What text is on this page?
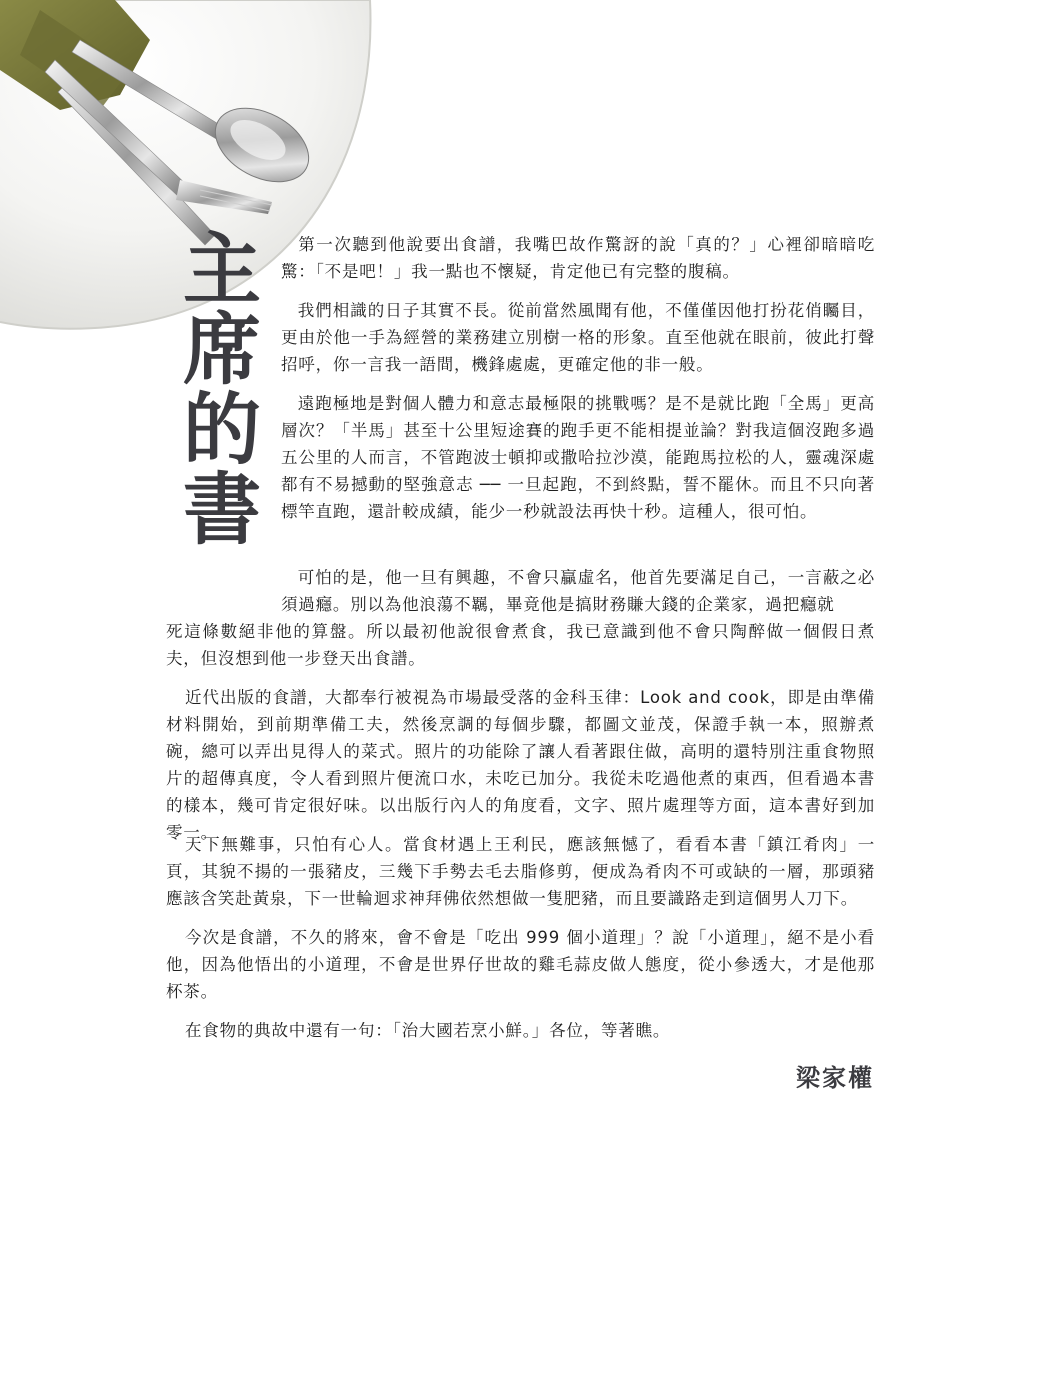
主席的書	第一次聽到他說要出食譜，我嘴巴故作驚訝的說「真的？」心裡卻暗暗吃驚：「不是吧！」我一點也不懷疑，肯定他已有完整的腹稿。

我們相識的日子其實不長。從前當然風聞有他，不僅僅因他打扮花俏矚目，更由於他一手為經營的業務建立別樹一格的形象。直至他就在眼前，彼此打聲招呼，你一言我一語間，機鋒處處，更確定他的非一般。

遠跑極地是對個人體力和意志最極限的挑戰嗎？是不是就比跑「全馬」更高層次？「半馬」甚至十公里短途賽的跑手更不能相提並論？對我這個沒跑多過五公里的人而言，不管跑波士頓抑或撒哈拉沙漠，能跑馬拉松的人，靈魂深處都有不易撼動的堅強意志 ── 一旦起跑，不到終點，誓不罷休。而且不只向著標竿直跑，還計較成績，能少一秒就設法再快十秒。這種人，很可怕。

可怕的是，他一旦有興趣，不會只贏虛名，他首先要滿足自己，一言蔽之必須過癮。別以為他浪蕩不羈，畢竟他是搞財務賺大錢的企業家，過把癮就

死這條數絕非他的算盤。所以最初他說很會煮食，我已意識到他不會只陶醉做一個假日煮夫，但沒想到他一步登天出食譜。

近代出版的食譜，大都奉行被視為市場最受落的金科玉律：Look and cook，即是由準備材料開始，到前期準備工夫，然後烹調的每個步驟，都圖文並茂，保證手執一本，照辦煮碗，總可以弄出見得人的菜式。照片的功能除了讓人看著跟住做，高明的還特別注重食物照片的超傳真度，令人看到照片便流口水，未吃已加分。我從未吃過他煮的東西，但看過本書的樣本，幾可肯定很好味。以出版行內人的角度看，文字、照片處理等方面，這本書好到加零一。

天下無難事，只怕有心人。當食材遇上王利民，應該無憾了，看看本書「鎮江肴肉」一頁，其貌不揚的一張豬皮，三幾下手勢去毛去脂修剪，便成為肴肉不可或缺的一層，那頭豬應該含笑赴黃泉，下一世輪迴求神拜佛依然想做一隻肥豬，而且要識路走到這個男人刀下。

今次是食譜，不久的將來，會不會是「吃出 999 個小道理」？說「小道理」，絕不是小看他，因為他悟出的小道理，不會是世界仔世故的雞毛蒜皮做人態度，從小參透大，才是他那杯茶。

在食物的典故中還有一句：「治大國若烹小鮮。」各位，等著瞧。

梁家權
